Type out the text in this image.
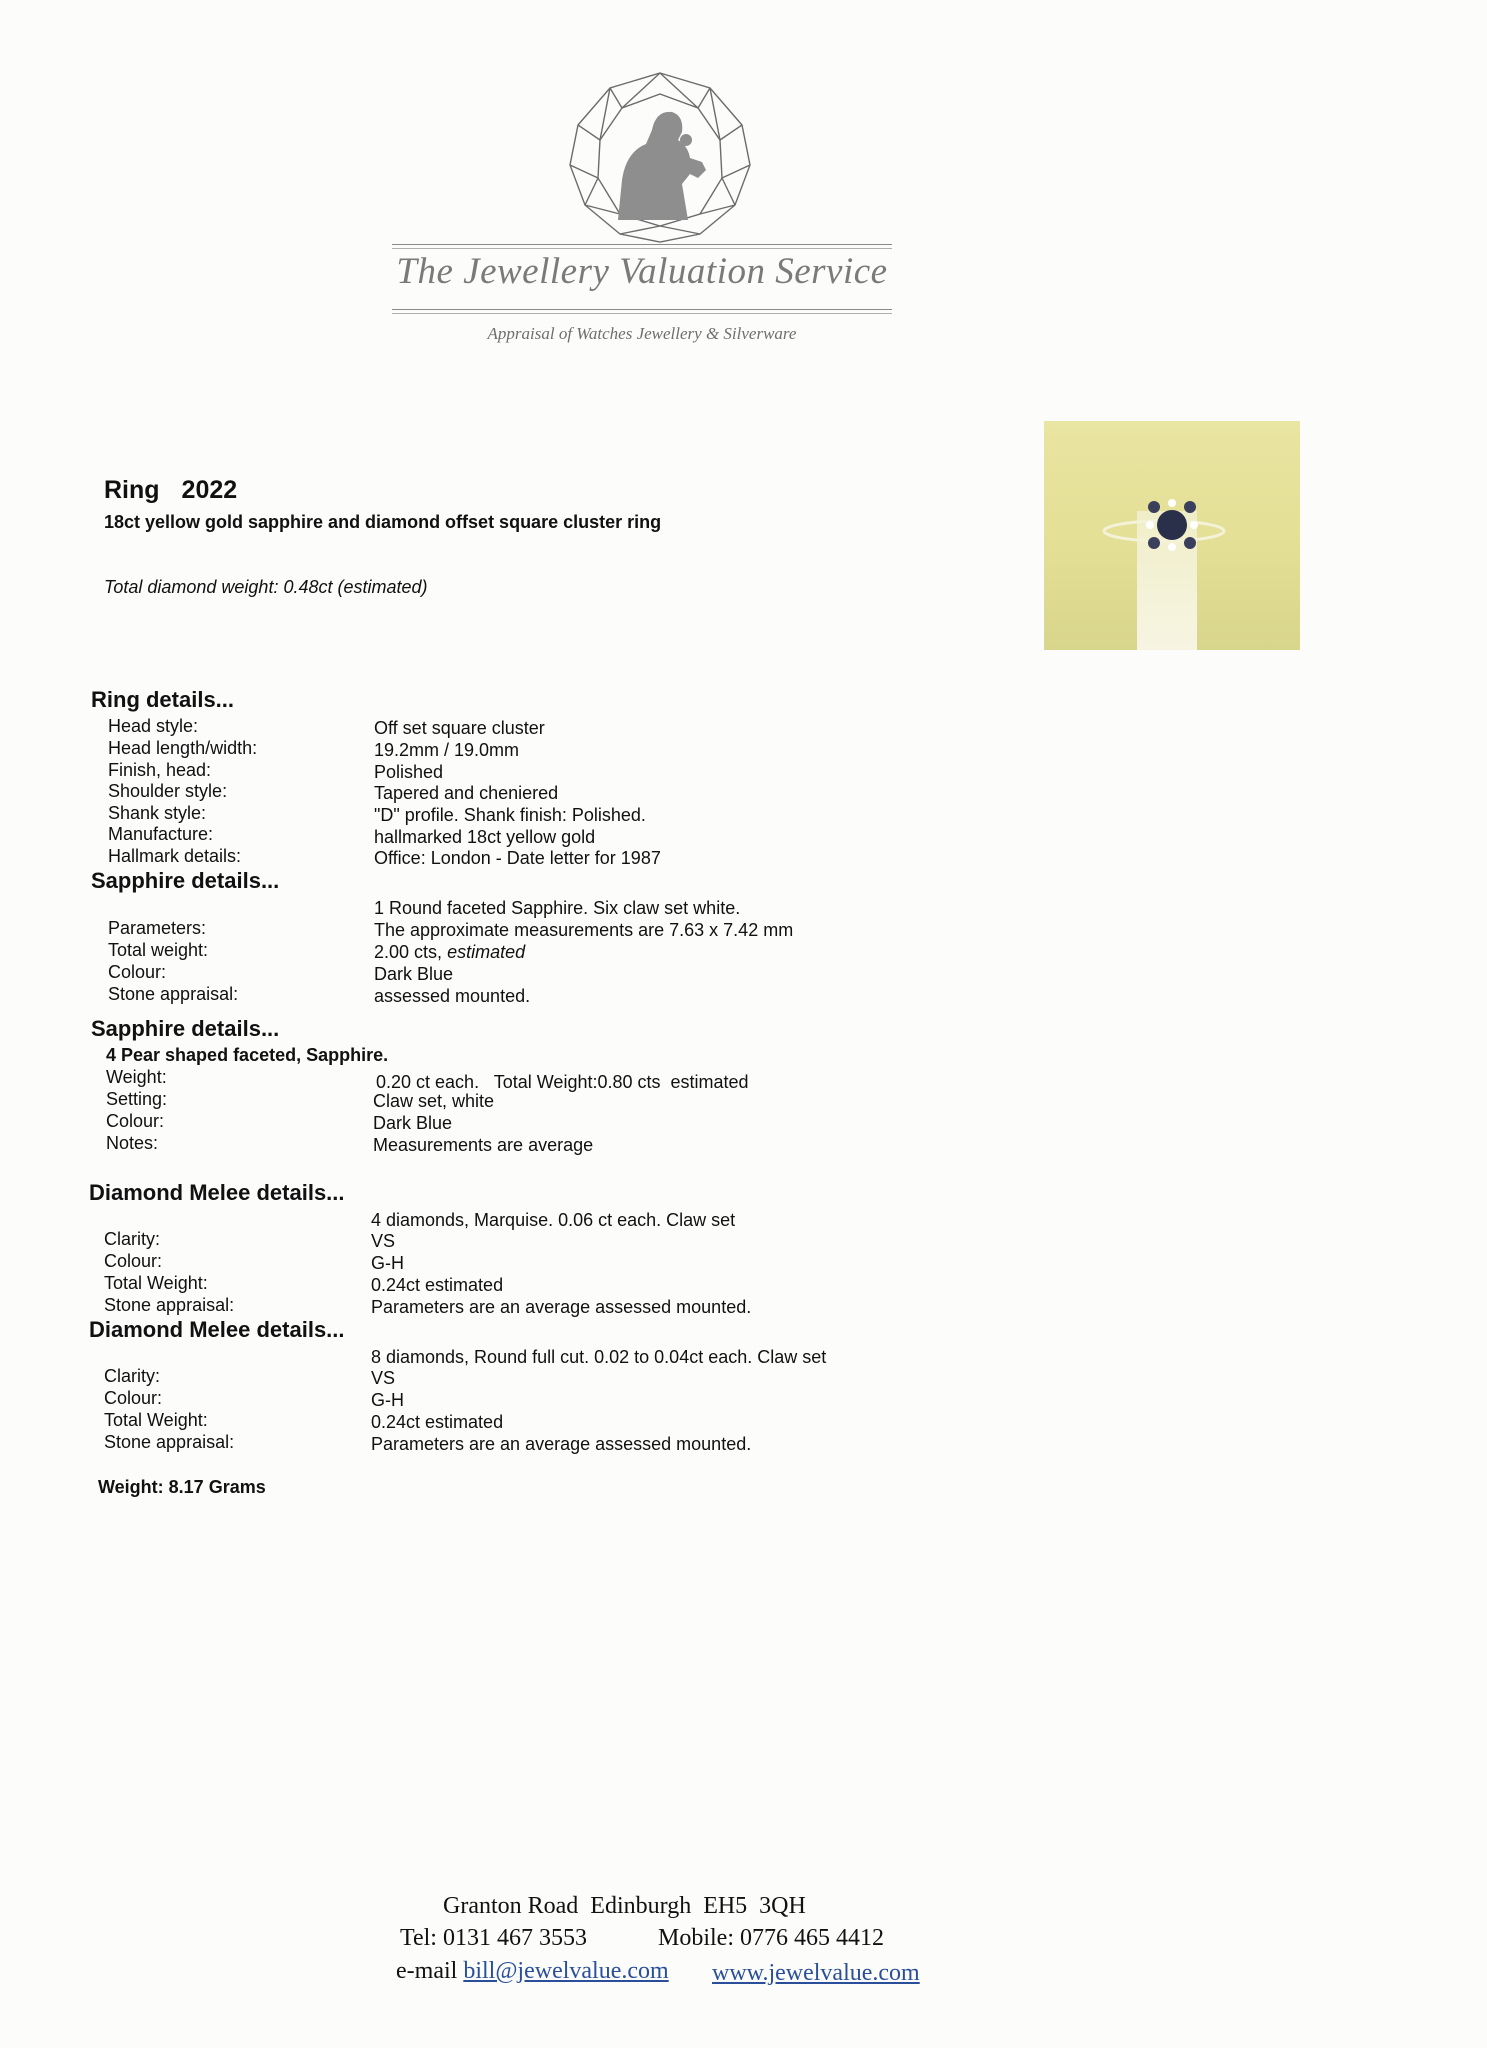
The Jewellery Valuation Service
Appraisal of Watches Jewellery & Silverware
Ring 2022
18ct yellow gold sapphire and diamond offset square cluster ring
Total diamond weight: 0.48ct (estimated)
Ring details...
Head style:	Off set square cluster
Head length/width:	19.2mm / 19.0mm
Finish, head:	Polished
Shoulder style:	Tapered and cheniered
Shank style:	"D" profile. Shank finish: Polished.
Manufacture:	hallmarked 18ct yellow gold
Hallmark details:	Office: London - Date letter for 1987
Sapphire details...
1 Round faceted Sapphire. Six claw set white.
Parameters:	The approximate measurements are 7.63 x 7.42 mm
Total weight:	2.00 cts, estimated
Colour:	Dark Blue
Stone appraisal:	assessed mounted.
Sapphire details...
4 Pear shaped faceted, Sapphire.
Weight:	0.20 ct each.   Total Weight:0.80 cts  estimated
Setting:	Claw set, white
Colour:	Dark Blue
Notes:	Measurements are average
Diamond Melee details...
4 diamonds, Marquise. 0.06 ct each. Claw set
Clarity:	VS
Colour:	G-H
Total Weight:	0.24ct estimated
Stone appraisal:	Parameters are an average assessed mounted.
Diamond Melee details...
8 diamonds, Round full cut. 0.02 to 0.04ct each. Claw set
Clarity:	VS
Colour:	G-H
Total Weight:	0.24ct estimated
Stone appraisal:	Parameters are an average assessed mounted.
Weight: 8.17 Grams
Granton Road  Edinburgh  EH5  3QH
Tel: 0131 467 3553	Mobile: 0776 465 4412
e-mail bill@jewelvalue.com www.jewelvalue.com
